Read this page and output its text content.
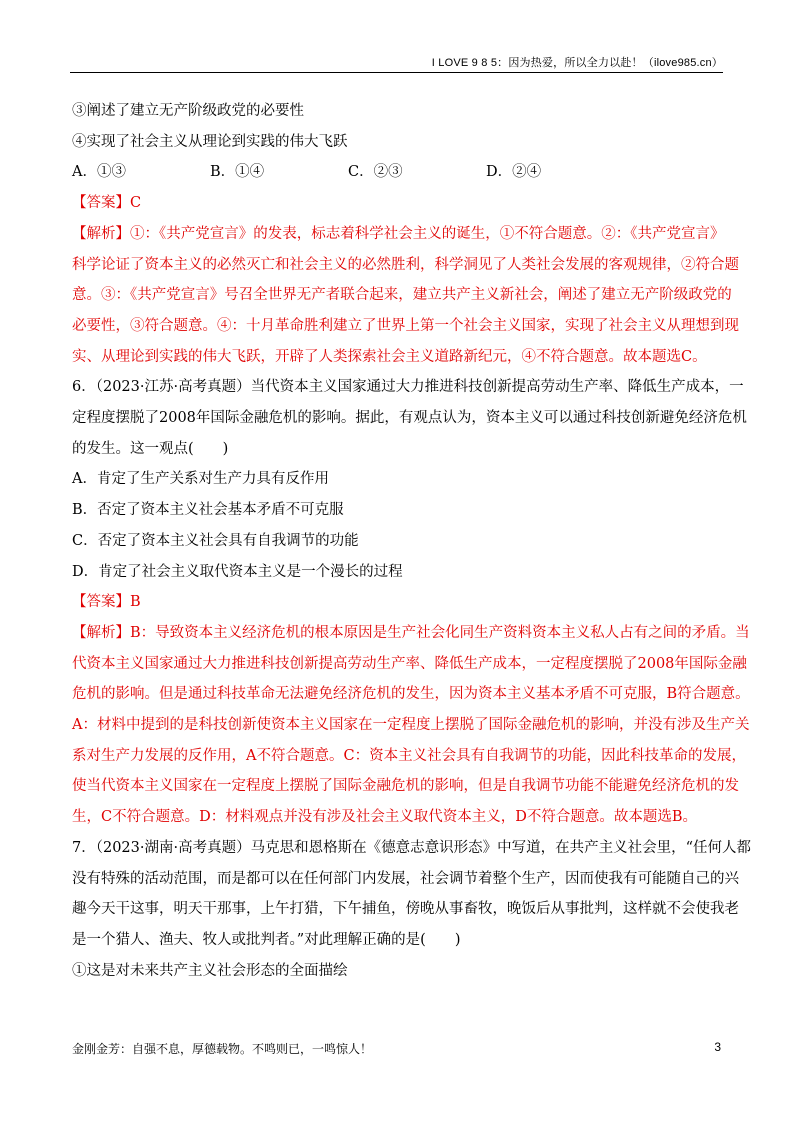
I LOVE 9 8 5：因为热爱，所以全力以赴！（ilove985.cn）
③阐述了建立无产阶级政党的必要性
④实现了社会主义从理论到实践的伟大飞跃
A．①③	B．①④	C．②③	D．②④
【答案】C
【解析】①：《共产党宣言》的发表，标志着科学社会主义的诞生，①不符合题意。②：《共产党宣言》
科学论证了资本主义的必然灭亡和社会主义的必然胜利，科学洞见了人类社会发展的客观规律，②符合题
意。③：《共产党宣言》号召全世界无产者联合起来，建立共产主义新社会，阐述了建立无产阶级政党的
必要性，③符合题意。④：十月革命胜利建立了世界上第一个社会主义国家，实现了社会主义从理想到现
实、从理论到实践的伟大飞跃，开辟了人类探索社会主义道路新纪元，④不符合题意。故本题选C。
6．（2023·江苏·高考真题）当代资本主义国家通过大力推进科技创新提高劳动生产率、降低生产成本，一
定程度摆脱了2008年国际金融危机的影响。据此，有观点认为，资本主义可以通过科技创新避免经济危机
的发生。这一观点(　　)
A．肯定了生产关系对生产力具有反作用
B．否定了资本主义社会基本矛盾不可克服
C．否定了资本主义社会具有自我调节的功能
D．肯定了社会主义取代资本主义是一个漫长的过程
【答案】B
【解析】B：导致资本主义经济危机的根本原因是生产社会化同生产资料资本主义私人占有之间的矛盾。当
代资本主义国家通过大力推进科技创新提高劳动生产率、降低生产成本，一定程度摆脱了2008年国际金融
危机的影响。但是通过科技革命无法避免经济危机的发生，因为资本主义基本矛盾不可克服，B符合题意。
A：材料中提到的是科技创新使资本主义国家在一定程度上摆脱了国际金融危机的影响，并没有涉及生产关
系对生产力发展的反作用，A不符合题意。C：资本主义社会具有自我调节的功能，因此科技革命的发展，
使当代资本主义国家在一定程度上摆脱了国际金融危机的影响，但是自我调节功能不能避免经济危机的发
生，C不符合题意。D：材料观点并没有涉及社会主义取代资本主义，D不符合题意。故本题选B。
7．（2023·湖南·高考真题）马克思和恩格斯在《德意志意识形态》中写道，在共产主义社会里，“任何人都
没有特殊的活动范围，而是都可以在任何部门内发展，社会调节着整个生产，因而使我有可能随自己的兴
趣今天干这事，明天干那事，上午打猎，下午捕鱼，傍晚从事畜牧，晚饭后从事批判，这样就不会使我老
是一个猎人、渔夫、牧人或批判者。”对此理解正确的是(　　)
①这是对未来共产主义社会形态的全面描绘
金刚金芳：自强不息，厚德载物。不鸣则已，一鸣惊人！	3
